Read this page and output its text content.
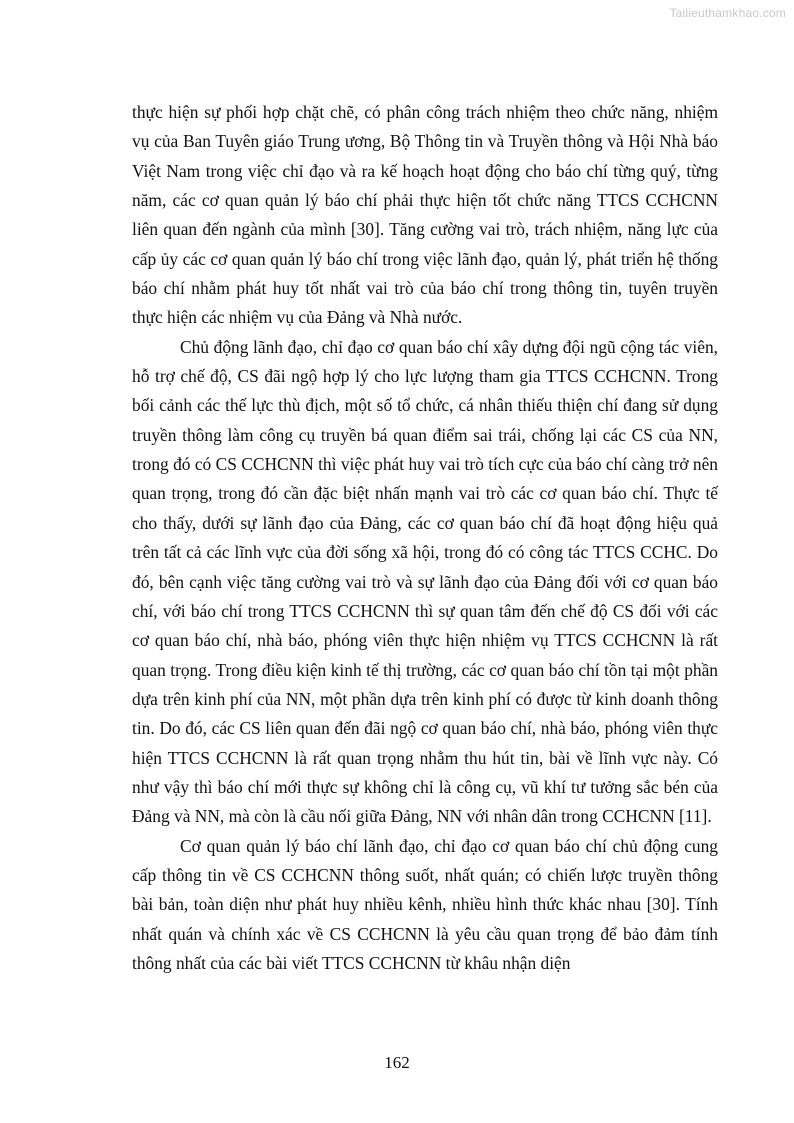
Tailieuthamkhao.com

thực hiện sự phối hợp chặt chẽ, có phân công trách nhiệm theo chức năng, nhiệm vụ của Ban Tuyên giáo Trung ương, Bộ Thông tin và Truyền thông và Hội Nhà báo Việt Nam trong việc chỉ đạo và ra kế hoạch hoạt động cho báo chí từng quý, từng năm, các cơ quan quản lý báo chí phải thực hiện tốt chức năng TTCS CCHCNN liên quan đến ngành của mình [30]. Tăng cường vai trò, trách nhiệm, năng lực của cấp ủy các cơ quan quản lý báo chí trong việc lãnh đạo, quản lý, phát triển hệ thống báo chí nhằm phát huy tốt nhất vai trò của báo chí trong thông tin, tuyên truyền thực hiện các nhiệm vụ của Đảng và Nhà nước.

Chủ động lãnh đạo, chỉ đạo cơ quan báo chí xây dựng đội ngũ cộng tác viên, hỗ trợ chế độ, CS đãi ngộ hợp lý cho lực lượng tham gia TTCS CCHCNN. Trong bối cảnh các thế lực thù địch, một số tổ chức, cá nhân thiếu thiện chí đang sử dụng truyền thông làm công cụ truyền bá quan điểm sai trái, chống lại các CS của NN, trong đó có CS CCHCNN thì việc phát huy vai trò tích cực của báo chí càng trở nên quan trọng, trong đó cần đặc biệt nhấn mạnh vai trò các cơ quan báo chí. Thực tế cho thấy, dưới sự lãnh đạo của Đảng, các cơ quan báo chí đã hoạt động hiệu quả trên tất cả các lĩnh vực của đời sống xã hội, trong đó có công tác TTCS CCHC. Do đó, bên cạnh việc tăng cường vai trò và sự lãnh đạo của Đảng đối với cơ quan báo chí, với báo chí trong TTCS CCHCNN thì sự quan tâm đến chế độ CS đối với các cơ quan báo chí, nhà báo, phóng viên thực hiện nhiệm vụ TTCS CCHCNN là rất quan trọng. Trong điều kiện kinh tế thị trường, các cơ quan báo chí tồn tại một phần dựa trên kinh phí của NN, một phần dựa trên kinh phí có được từ kinh doanh thông tin. Do đó, các CS liên quan đến đãi ngộ cơ quan báo chí, nhà báo, phóng viên thực hiện TTCS CCHCNN là rất quan trọng nhằm thu hút tin, bài về lĩnh vực này. Có như vậy thì báo chí mới thực sự không chỉ là công cụ, vũ khí tư tưởng sắc bén của Đảng và NN, mà còn là cầu nối giữa Đảng, NN với nhân dân trong CCHCNN [11].

Cơ quan quản lý báo chí lãnh đạo, chỉ đạo cơ quan báo chí chủ động cung cấp thông tin về CS CCHCNN thông suốt, nhất quán; có chiến lược truyền thông bài bản, toàn diện như phát huy nhiều kênh, nhiều hình thức khác nhau [30]. Tính nhất quán và chính xác về CS CCHCNN là yêu cầu quan trọng để bảo đảm tính thông nhất của các bài viết TTCS CCHCNN từ khâu nhận diện

162
